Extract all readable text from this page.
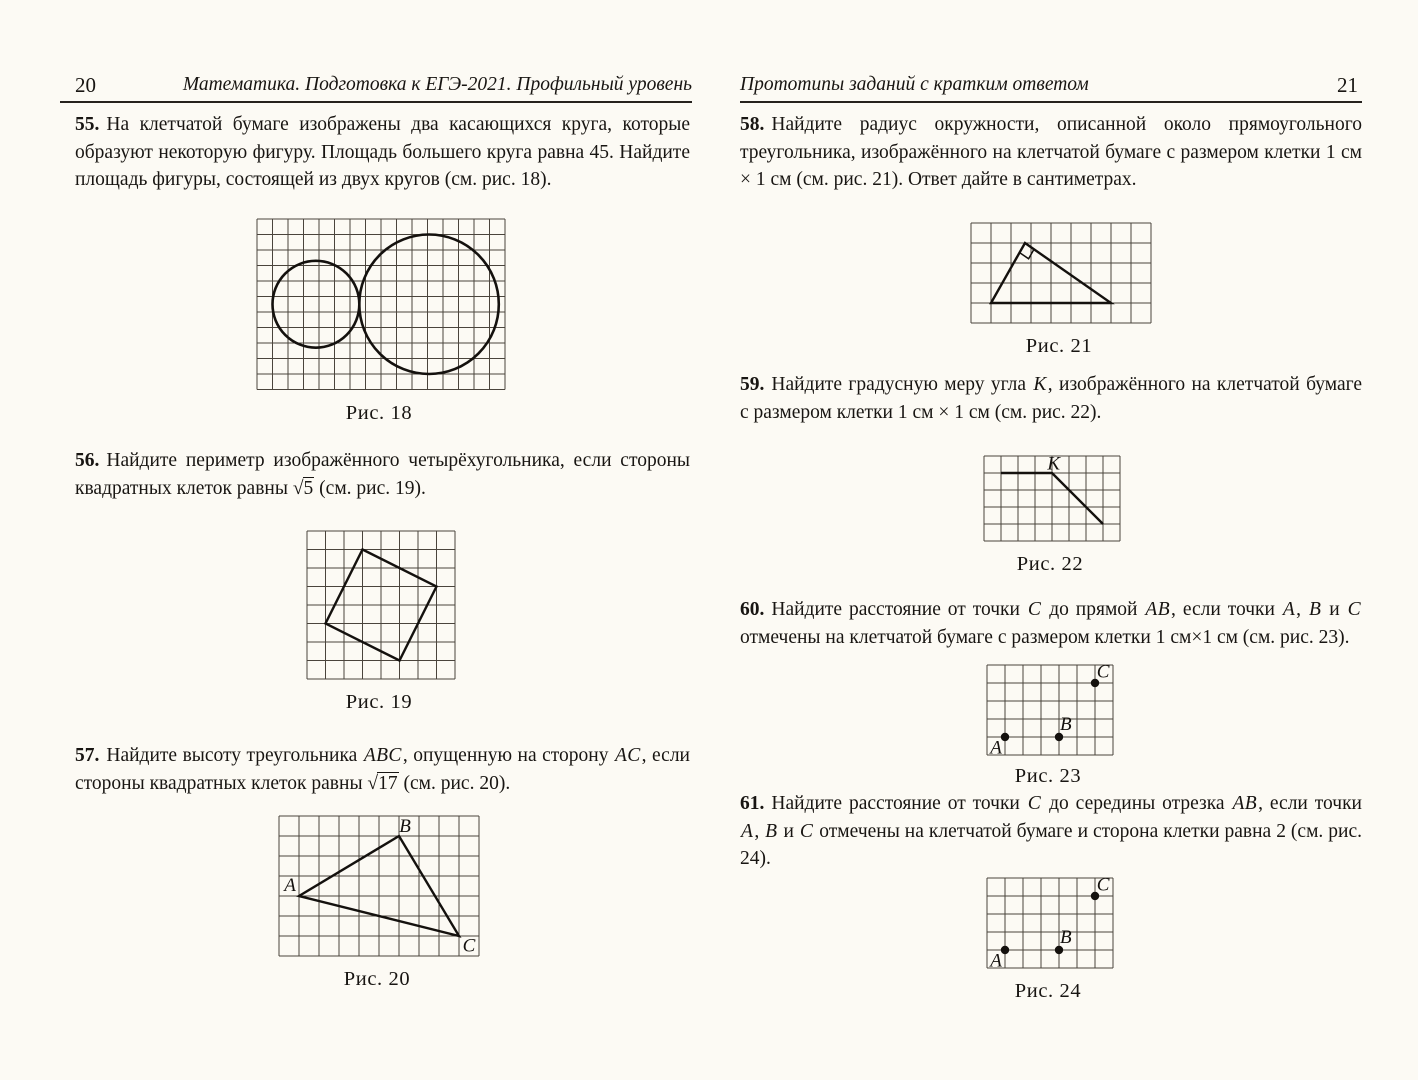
20	Математика. Подготовка к ЕГЭ-2021. Профильный уровень

55. На клетчатой бумаге изображены два касающихся круга, которые образуют некоторую фигуру. Площадь большего круга равна 45. Найдите площадь фигуры, состоящей из двух кругов (см. рис. 18).

Рис. 18

56. Найдите периметр изображённого четырёхугольника, если стороны квадратных клеток равны √5 (см. рис. 19).

Рис. 19

57. Найдите высоту треугольника ABC, опущенную на сторону AC, если стороны квадратных клеток равны √17 (см. рис. 20).

A
B
C
Рис. 20
Прототипы заданий с кратким ответом	21

58. Найдите радиус окружности, описанной около прямоугольного треугольника, изображённого на клетчатой бумаге с размером клетки 1 см × 1 см (см. рис. 21). Ответ дайте в сантиметрах.

Рис. 21

59. Найдите градусную меру угла K, изображённого на клетчатой бумаге с размером клетки 1 см × 1 см (см. рис. 22).

K
Рис. 22

60. Найдите расстояние от точки C до прямой AB, если точки A, B и C отмечены на клетчатой бумаге с размером клетки 1 см×1 см (см. рис. 23).

A
B
C
Рис. 23

61. Найдите расстояние от точки C до середины отрезка AB, если точки A, B и C отмечены на клетчатой бумаге и сторона клетки равна 2 (см. рис. 24).

A
B
C
Рис. 24
